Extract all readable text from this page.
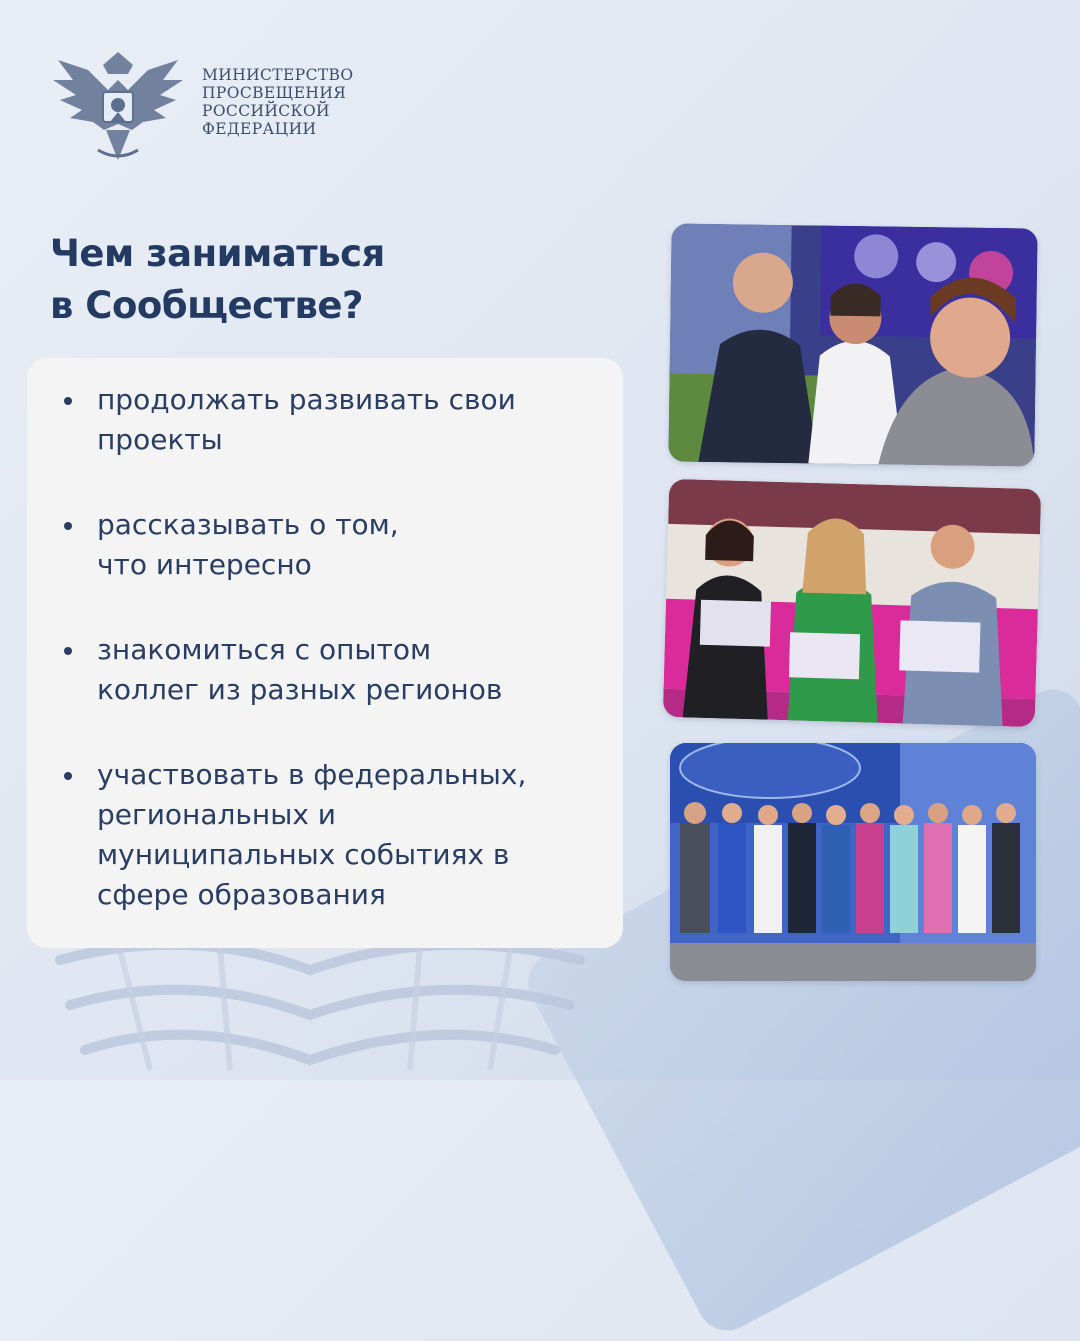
МИНИСТЕРСТВО
ПРОСВЕЩЕНИЯ
РОССИЙСКОЙ
ФЕДЕРАЦИИ
Чем заниматься
в Сообществе?
продолжать развивать свои
проекты
рассказывать о том,
что интересно
знакомиться с опытом
коллег из разных регионов
участвовать в федеральных,
региональных и
муниципальных событиях в
сфере образования
